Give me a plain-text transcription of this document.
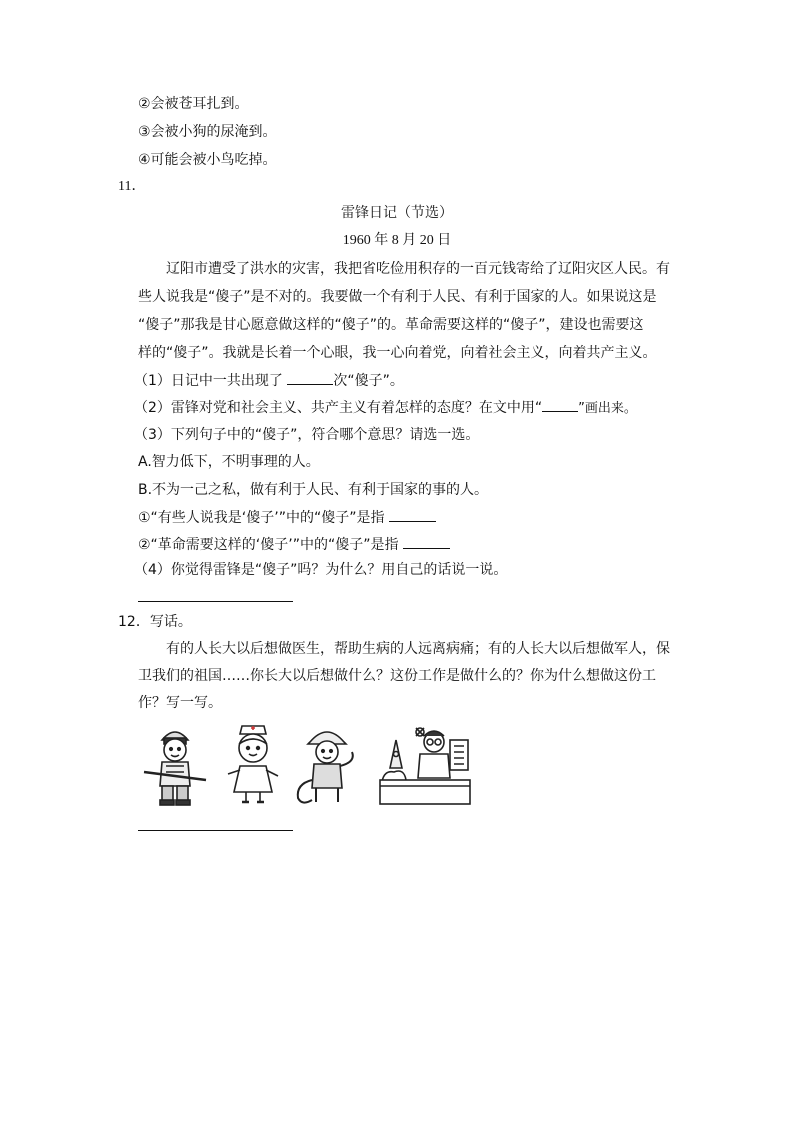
②会被苍耳扎到。
③会被小狗的尿淹到。
④可能会被小鸟吃掉。
11．
雷锋日记（节选）
1960 年 8 月 20 日
辽阳市遭受了洪水的灾害，我把省吃俭用积存的一百元钱寄给了辽阳灾区人民。有
些人说我是“傻子”是不对的。我要做一个有利于人民、有利于国家的人。如果说这是
“傻子”那我是甘心愿意做这样的“傻子”的。革命需要这样的“傻子”，建设也需要这
样的“傻子”。我就是长着一个心眼，我一心向着党，向着社会主义，向着共产主义。
（1）日记中一共出现了	次“傻子”。
（2）雷锋对党和社会主义、共产主义有着怎样的态度？在文中用“	”画出来。
（3）下列句子中的“傻子”，符合哪个意思？请选一选。
A.智力低下，不明事理的人。
B.不为一己之私，做有利于人民、有利于国家的事的人。
①“有些人说我是‘傻子’”中的“傻子”是指
②“革命需要这样的‘傻子’”中的“傻子”是指
（4）你觉得雷锋是“傻子”吗？为什么？用自己的话说一说。
12．写话。
有的人长大以后想做医生，帮助生病的人远离病痛；有的人长大以后想做军人，保
卫我们的祖国……你长大以后想做什么？这份工作是做什么的？你为什么想做这份工
作？写一写。
